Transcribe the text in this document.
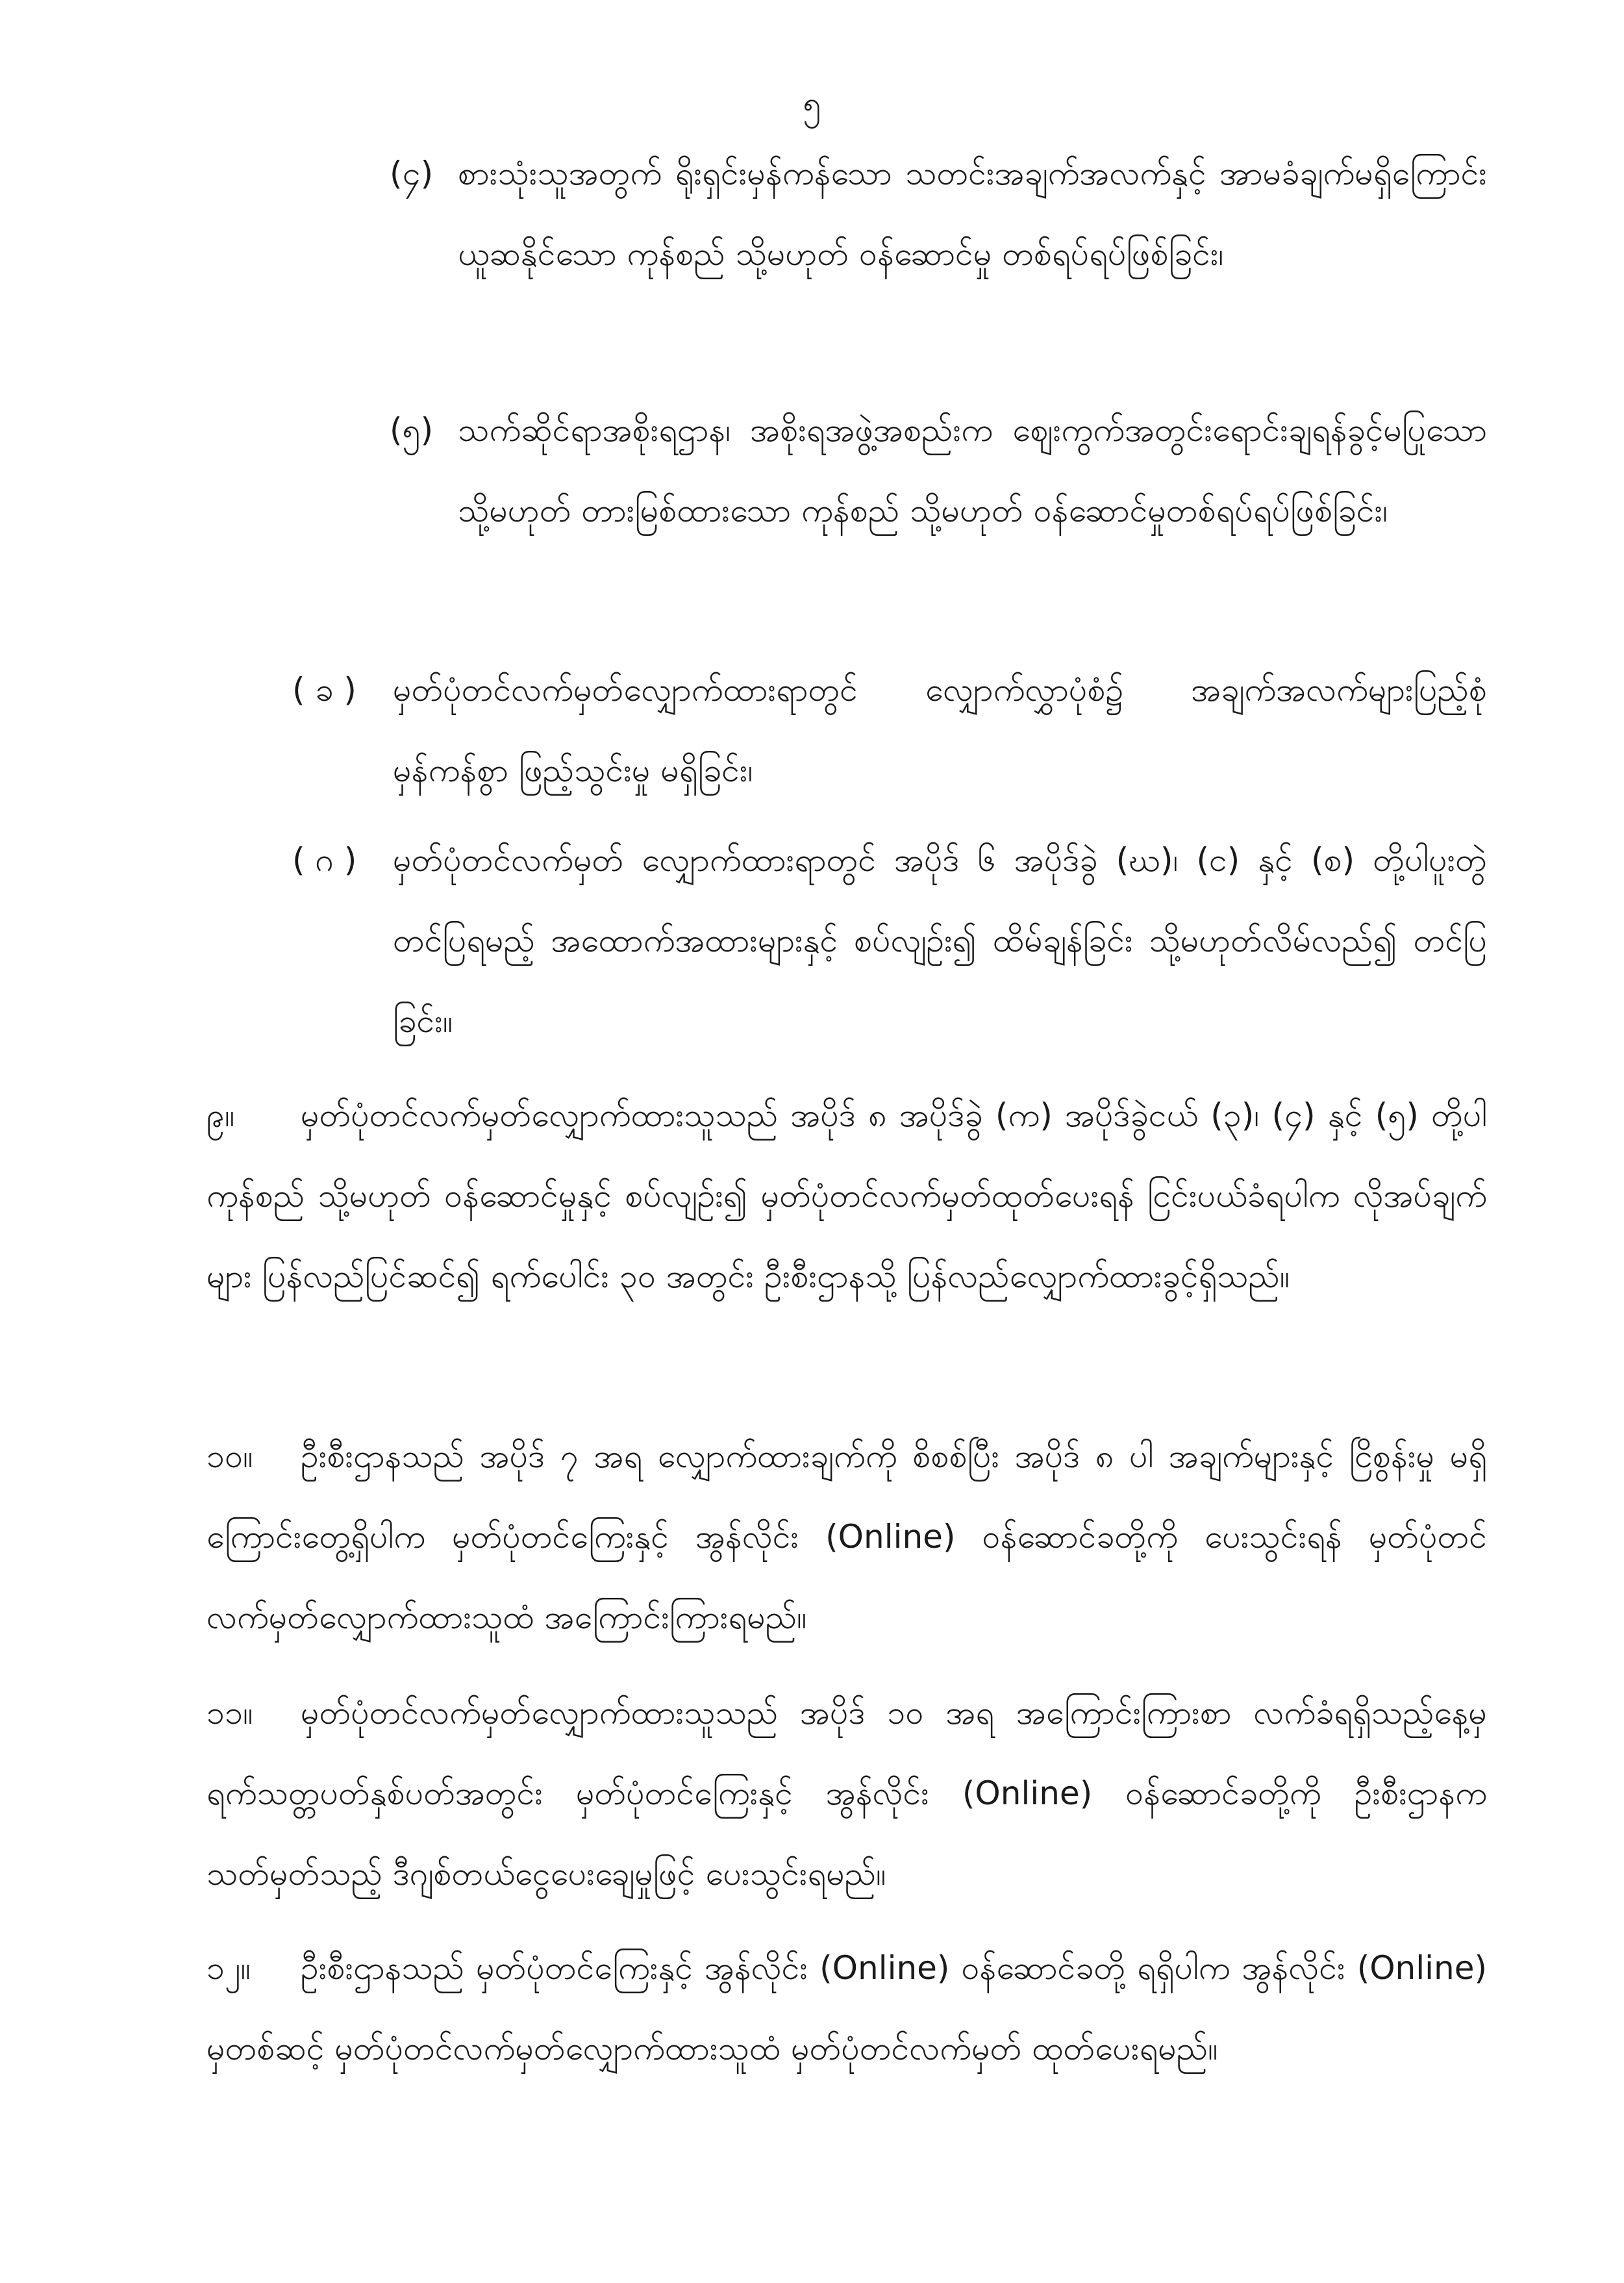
၅
(၄) စားသုံးသူအတွက် ရိုးရှင်းမှန်ကန်သော သတင်းအချက်အလက်နှင့် အာမခံချက်မရှိကြောင်း ယူဆနိုင်သော ကုန်စည် သို့မဟုတ် ဝန်ဆောင်မှု တစ်ရပ်ရပ်ဖြစ်ခြင်း၊
(၅) သက်ဆိုင်ရာအစိုးရဌာန၊ အစိုးရအဖွဲ့အစည်းက ဈေးကွက်အတွင်းရောင်းချရန်ခွင့်မပြုသော သို့မဟုတ် တားမြစ်ထားသော ကုန်စည် သို့မဟုတ် ဝန်ဆောင်မှုတစ်ရပ်ရပ်ဖြစ်ခြင်း၊
( ခ ) မှတ်ပုံတင်လက်မှတ်လျှောက်ထားရာတွင် လျှောက်လွှာပုံစံ၌ အချက်အလက်များပြည့်စုံမှန်ကန်စွာ ဖြည့်သွင်းမှု မရှိခြင်း၊
( ဂ ) မှတ်ပုံတင်လက်မှတ် လျှောက်ထားရာတွင် အပိုဒ် ၆ အပိုဒ်ခွဲ (ဃ)၊ (င) နှင့် (စ) တို့ပါပူးတွဲတင်ပြရမည့် အထောက်အထားများနှင့် စပ်လျဉ်း၍ ထိမ်ချန်ခြင်း သို့မဟုတ်လိမ်လည်၍ တင်ပြခြင်း။
၉။	မှတ်ပုံတင်လက်မှတ်လျှောက်ထားသူသည် အပိုဒ် ၈ အပိုဒ်ခွဲ (က) အပိုဒ်ခွဲငယ် (၃)၊ (၄) နှင့် (၅) တို့ပါ ကုန်စည် သို့မဟုတ် ဝန်ဆောင်မှုနှင့် စပ်လျဉ်း၍ မှတ်ပုံတင်လက်မှတ်ထုတ်ပေးရန် ငြင်းပယ်ခံရပါက လိုအပ်ချက်များ ပြန်လည်ပြင်ဆင်၍ ရက်ပေါင်း ၃၀ အတွင်း ဦးစီးဌာနသို့ ပြန်လည်လျှောက်ထားခွင့်ရှိသည်။
၁၀။	ဦးစီးဌာနသည် အပိုဒ် ၇ အရ လျှောက်ထားချက်ကို စိစစ်ပြီး အပိုဒ် ၈ ပါ အချက်များနှင့် ငြိစွန်းမှု မရှိကြောင်းတွေ့ရှိပါက မှတ်ပုံတင်ကြေးနှင့် အွန်လိုင်း (Online) ဝန်ဆောင်ခတို့ကို ပေးသွင်းရန် မှတ်ပုံတင်လက်မှတ်လျှောက်ထားသူထံ အကြောင်းကြားရမည်။
၁၁။	မှတ်ပုံတင်လက်မှတ်လျှောက်ထားသူသည် အပိုဒ် ၁၀ အရ အကြောင်းကြားစာ လက်ခံရရှိသည့်နေ့မှ ရက်သတ္တပတ်နှစ်ပတ်အတွင်း မှတ်ပုံတင်ကြေးနှင့် အွန်လိုင်း (Online) ဝန်ဆောင်ခတို့ကို ဦးစီးဌာနက သတ်မှတ်သည့် ဒီဂျစ်တယ်ငွေပေးချေမှုဖြင့် ပေးသွင်းရမည်။
၁၂။	ဦးစီးဌာနသည် မှတ်ပုံတင်ကြေးနှင့် အွန်လိုင်း (Online) ဝန်ဆောင်ခတို့ ရရှိပါက အွန်လိုင်း (Online) မှတစ်ဆင့် မှတ်ပုံတင်လက်မှတ်လျှောက်ထားသူထံ မှတ်ပုံတင်လက်မှတ် ထုတ်ပေးရမည်။
